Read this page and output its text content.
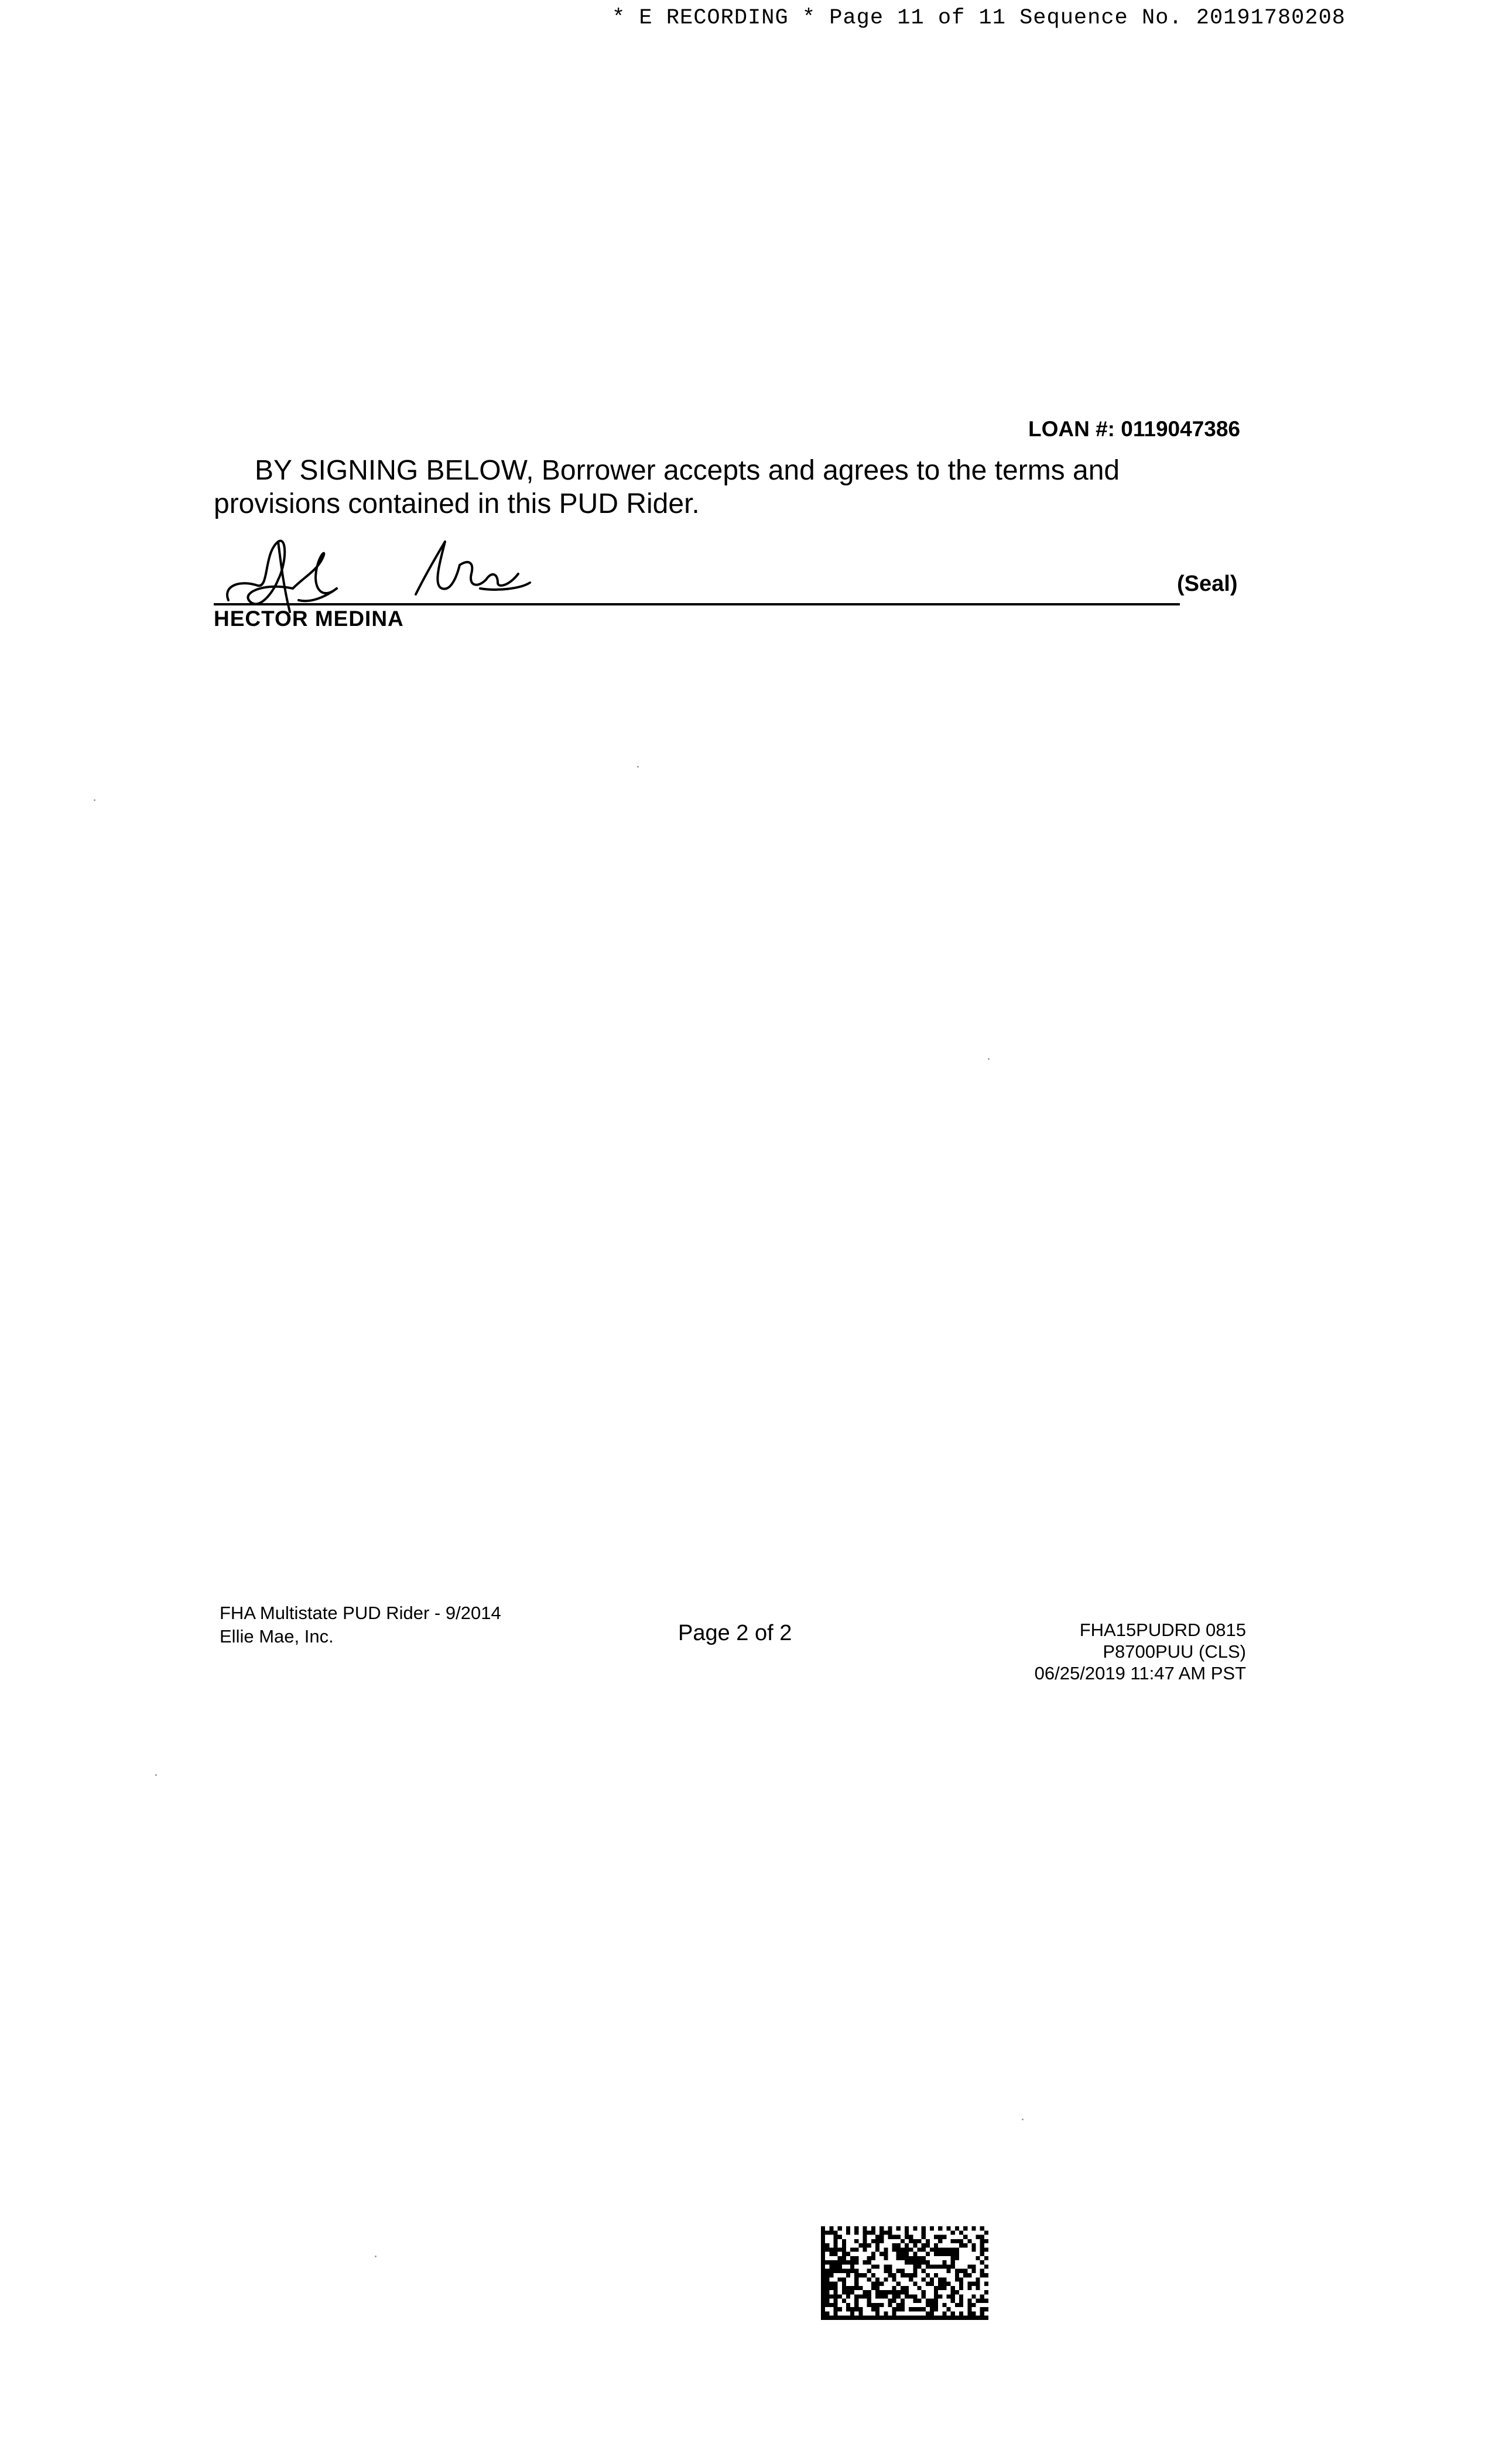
* E RECORDING * Page 11 of 11 Sequence No. 20191780208
LOAN #: 0119047386
BY SIGNING BELOW, Borrower accepts and agrees to the terms and provisions contained in this PUD Rider.
(Seal)
HECTOR MEDINA
FHA Multistate PUD Rider - 9/2014
Ellie Mae, Inc.	Page 2 of 2	FHA15PUDRD 0815
P8700PUU (CLS)
06/25/2019 11:47 AM PST
